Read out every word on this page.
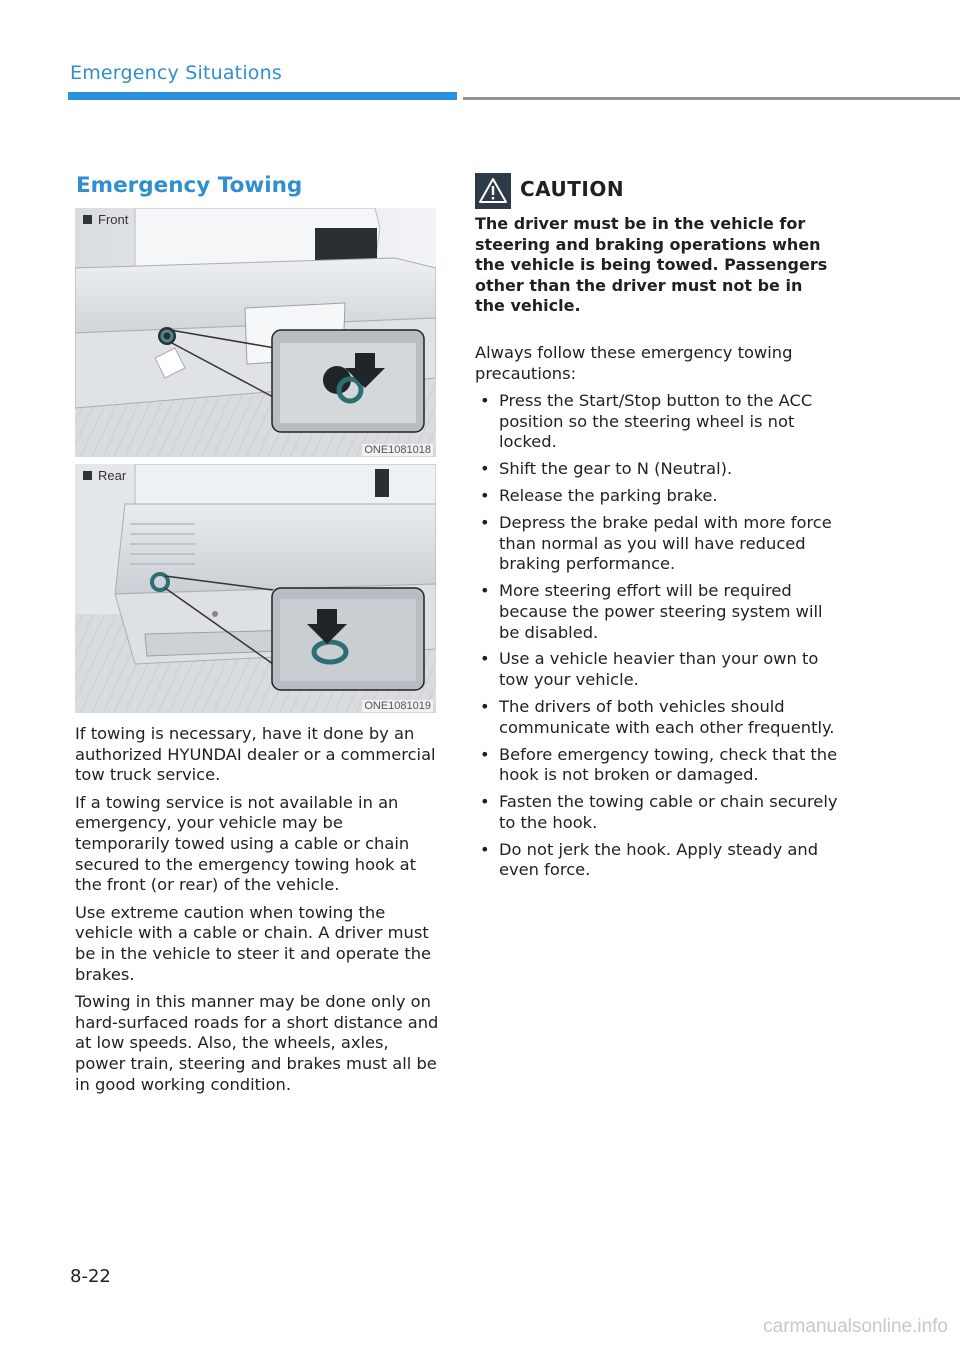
Emergency Situations
Emergency Towing
Front
ONE1081018
Rear
ONE1081019

If towing is necessary, have it done by an authorized HYUNDAI dealer or a commercial tow truck service.

If a towing service is not available in an emergency, your vehicle may be temporarily towed using a cable or chain secured to the emergency towing hook at the front (or rear) of the vehicle.

Use extreme caution when towing the vehicle with a cable or chain. A driver must be in the vehicle to steer it and operate the brakes.

Towing in this manner may be done only on hard-surfaced roads for a short distance and at low speeds. Also, the wheels, axles, power train, steering and brakes must all be in good working condition.

CAUTION

The driver must be in the vehicle for steering and braking operations when the vehicle is being towed. Passengers other than the driver must not be in the vehicle.

Always follow these emergency towing precautions:

• Press the Start/Stop button to the ACC position so the steering wheel is not locked.
• Shift the gear to N (Neutral).
• Release the parking brake.
• Depress the brake pedal with more force than normal as you will have reduced braking performance.
• More steering effort will be required because the power steering system will be disabled.
• Use a vehicle heavier than your own to tow your vehicle.
• The drivers of both vehicles should communicate with each other frequently.
• Before emergency towing, check that the hook is not broken or damaged.
• Fasten the towing cable or chain securely to the hook.
• Do not jerk the hook. Apply steady and even force.
8-22
carmanualsonline.info
